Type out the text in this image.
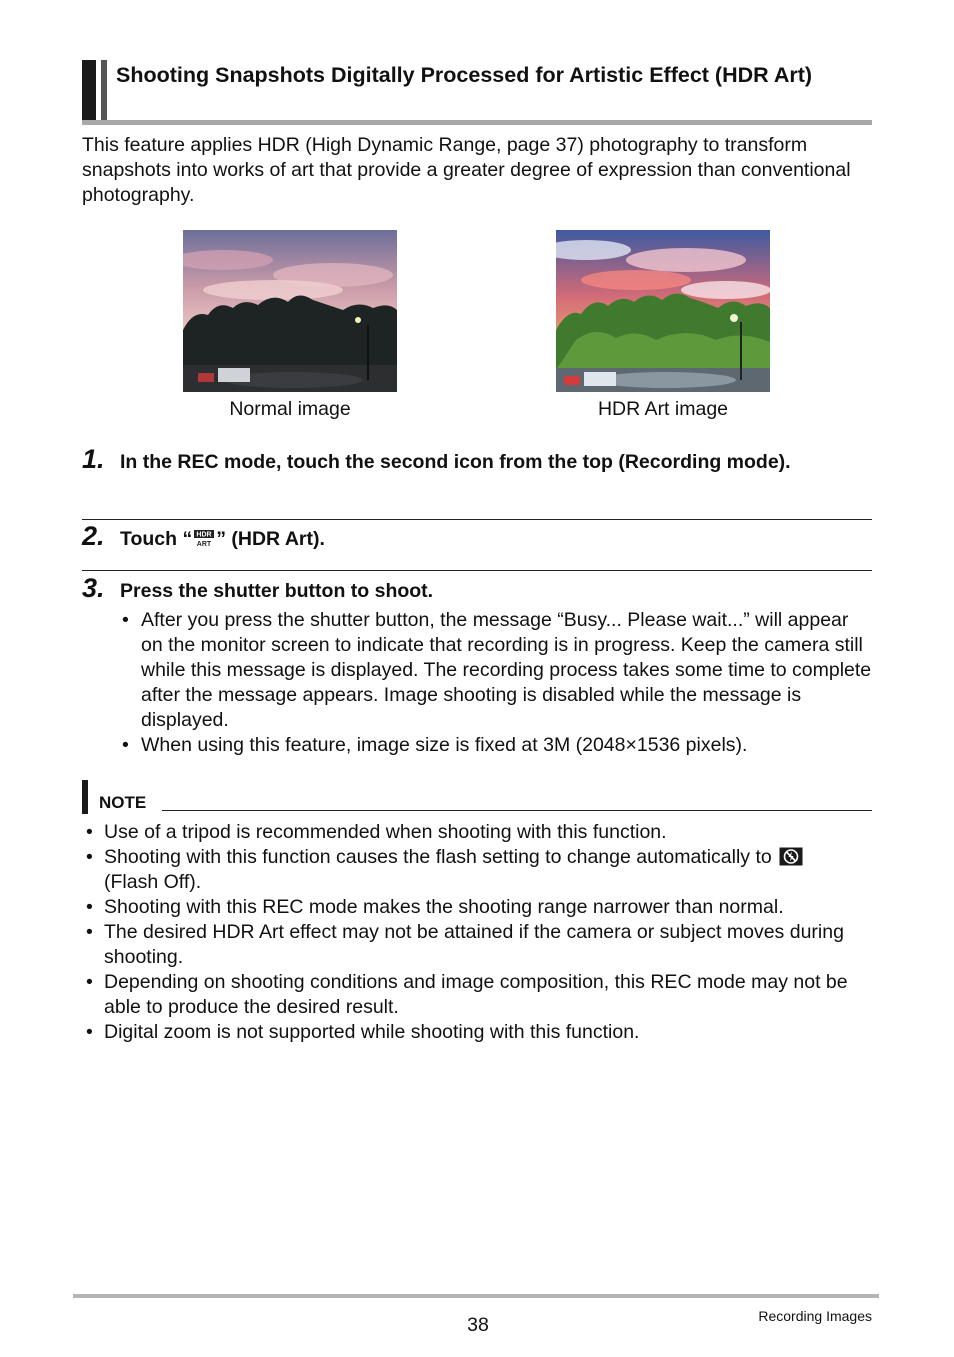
Shooting Snapshots Digitally Processed for Artistic Effect (HDR Art)
This feature applies HDR (High Dynamic Range, page 37) photography to transform snapshots into works of art that provide a greater degree of expression than conventional photography.
Normal image	HDR Art image
1. In the REC mode, touch the second icon from the top (Recording mode).
2. Touch “ HDR
ART ” (HDR Art).
3. Press the shutter button to shoot.

• After you press the shutter button, the message “Busy... Please wait...” will appear on the monitor screen to indicate that recording is in progress. Keep the camera still while this message is displayed. The recording process takes some time to complete after the message appears. Image shooting is disabled while the message is displayed.

• When using this feature, image size is fixed at 3M (2048×1536 pixels).

NOTE

• Use of a tripod is recommended when shooting with this function.

• Shooting with this function causes the flash setting to change automatically to
(Flash Off).

• Shooting with this REC mode makes the shooting range narrower than normal.

• The desired HDR Art effect may not be attained if the camera or subject moves during shooting.

• Depending on shooting conditions and image composition, this REC mode may not be able to produce the desired result.

• Digital zoom is not supported while shooting with this function.

38	Recording Images
